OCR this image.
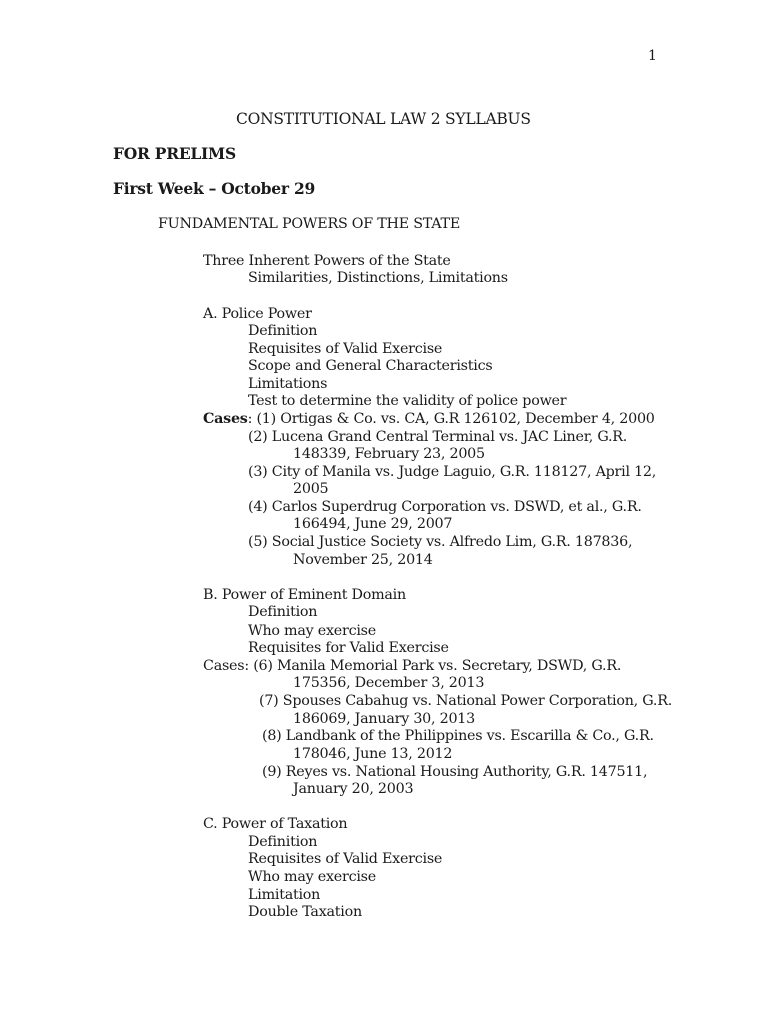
1
CONSTITUTIONAL LAW 2 SYLLABUS
FOR PRELIMS
First Week – October 29
FUNDAMENTAL POWERS OF THE STATE
Three Inherent Powers of the State
Similarities, Distinctions, Limitations
A. Police Power
Definition
Requisites of Valid Exercise
Scope and General Characteristics
Limitations
Test to determine the validity of police power
Cases: (1) Ortigas & Co. vs. CA, G.R 126102, December 4, 2000
(2) Lucena Grand Central Terminal vs. JAC Liner, G.R.
148339, February 23, 2005
(3) City of Manila vs. Judge Laguio, G.R. 118127, April 12,
2005
(4) Carlos Superdrug Corporation vs. DSWD, et al., G.R.
166494, June 29, 2007
(5) Social Justice Society vs. Alfredo Lim, G.R. 187836,
November 25, 2014
B. Power of Eminent Domain
Definition
Who may exercise
Requisites for Valid Exercise
Cases: (6) Manila Memorial Park vs. Secretary, DSWD, G.R.
175356, December 3, 2013
(7) Spouses Cabahug vs. National Power Corporation, G.R.
186069, January 30, 2013
(8) Landbank of the Philippines vs. Escarilla & Co., G.R.
178046, June 13, 2012
(9) Reyes vs. National Housing Authority, G.R. 147511,
January 20, 2003
C. Power of Taxation
Definition
Requisites of Valid Exercise
Who may exercise
Limitation
Double Taxation
